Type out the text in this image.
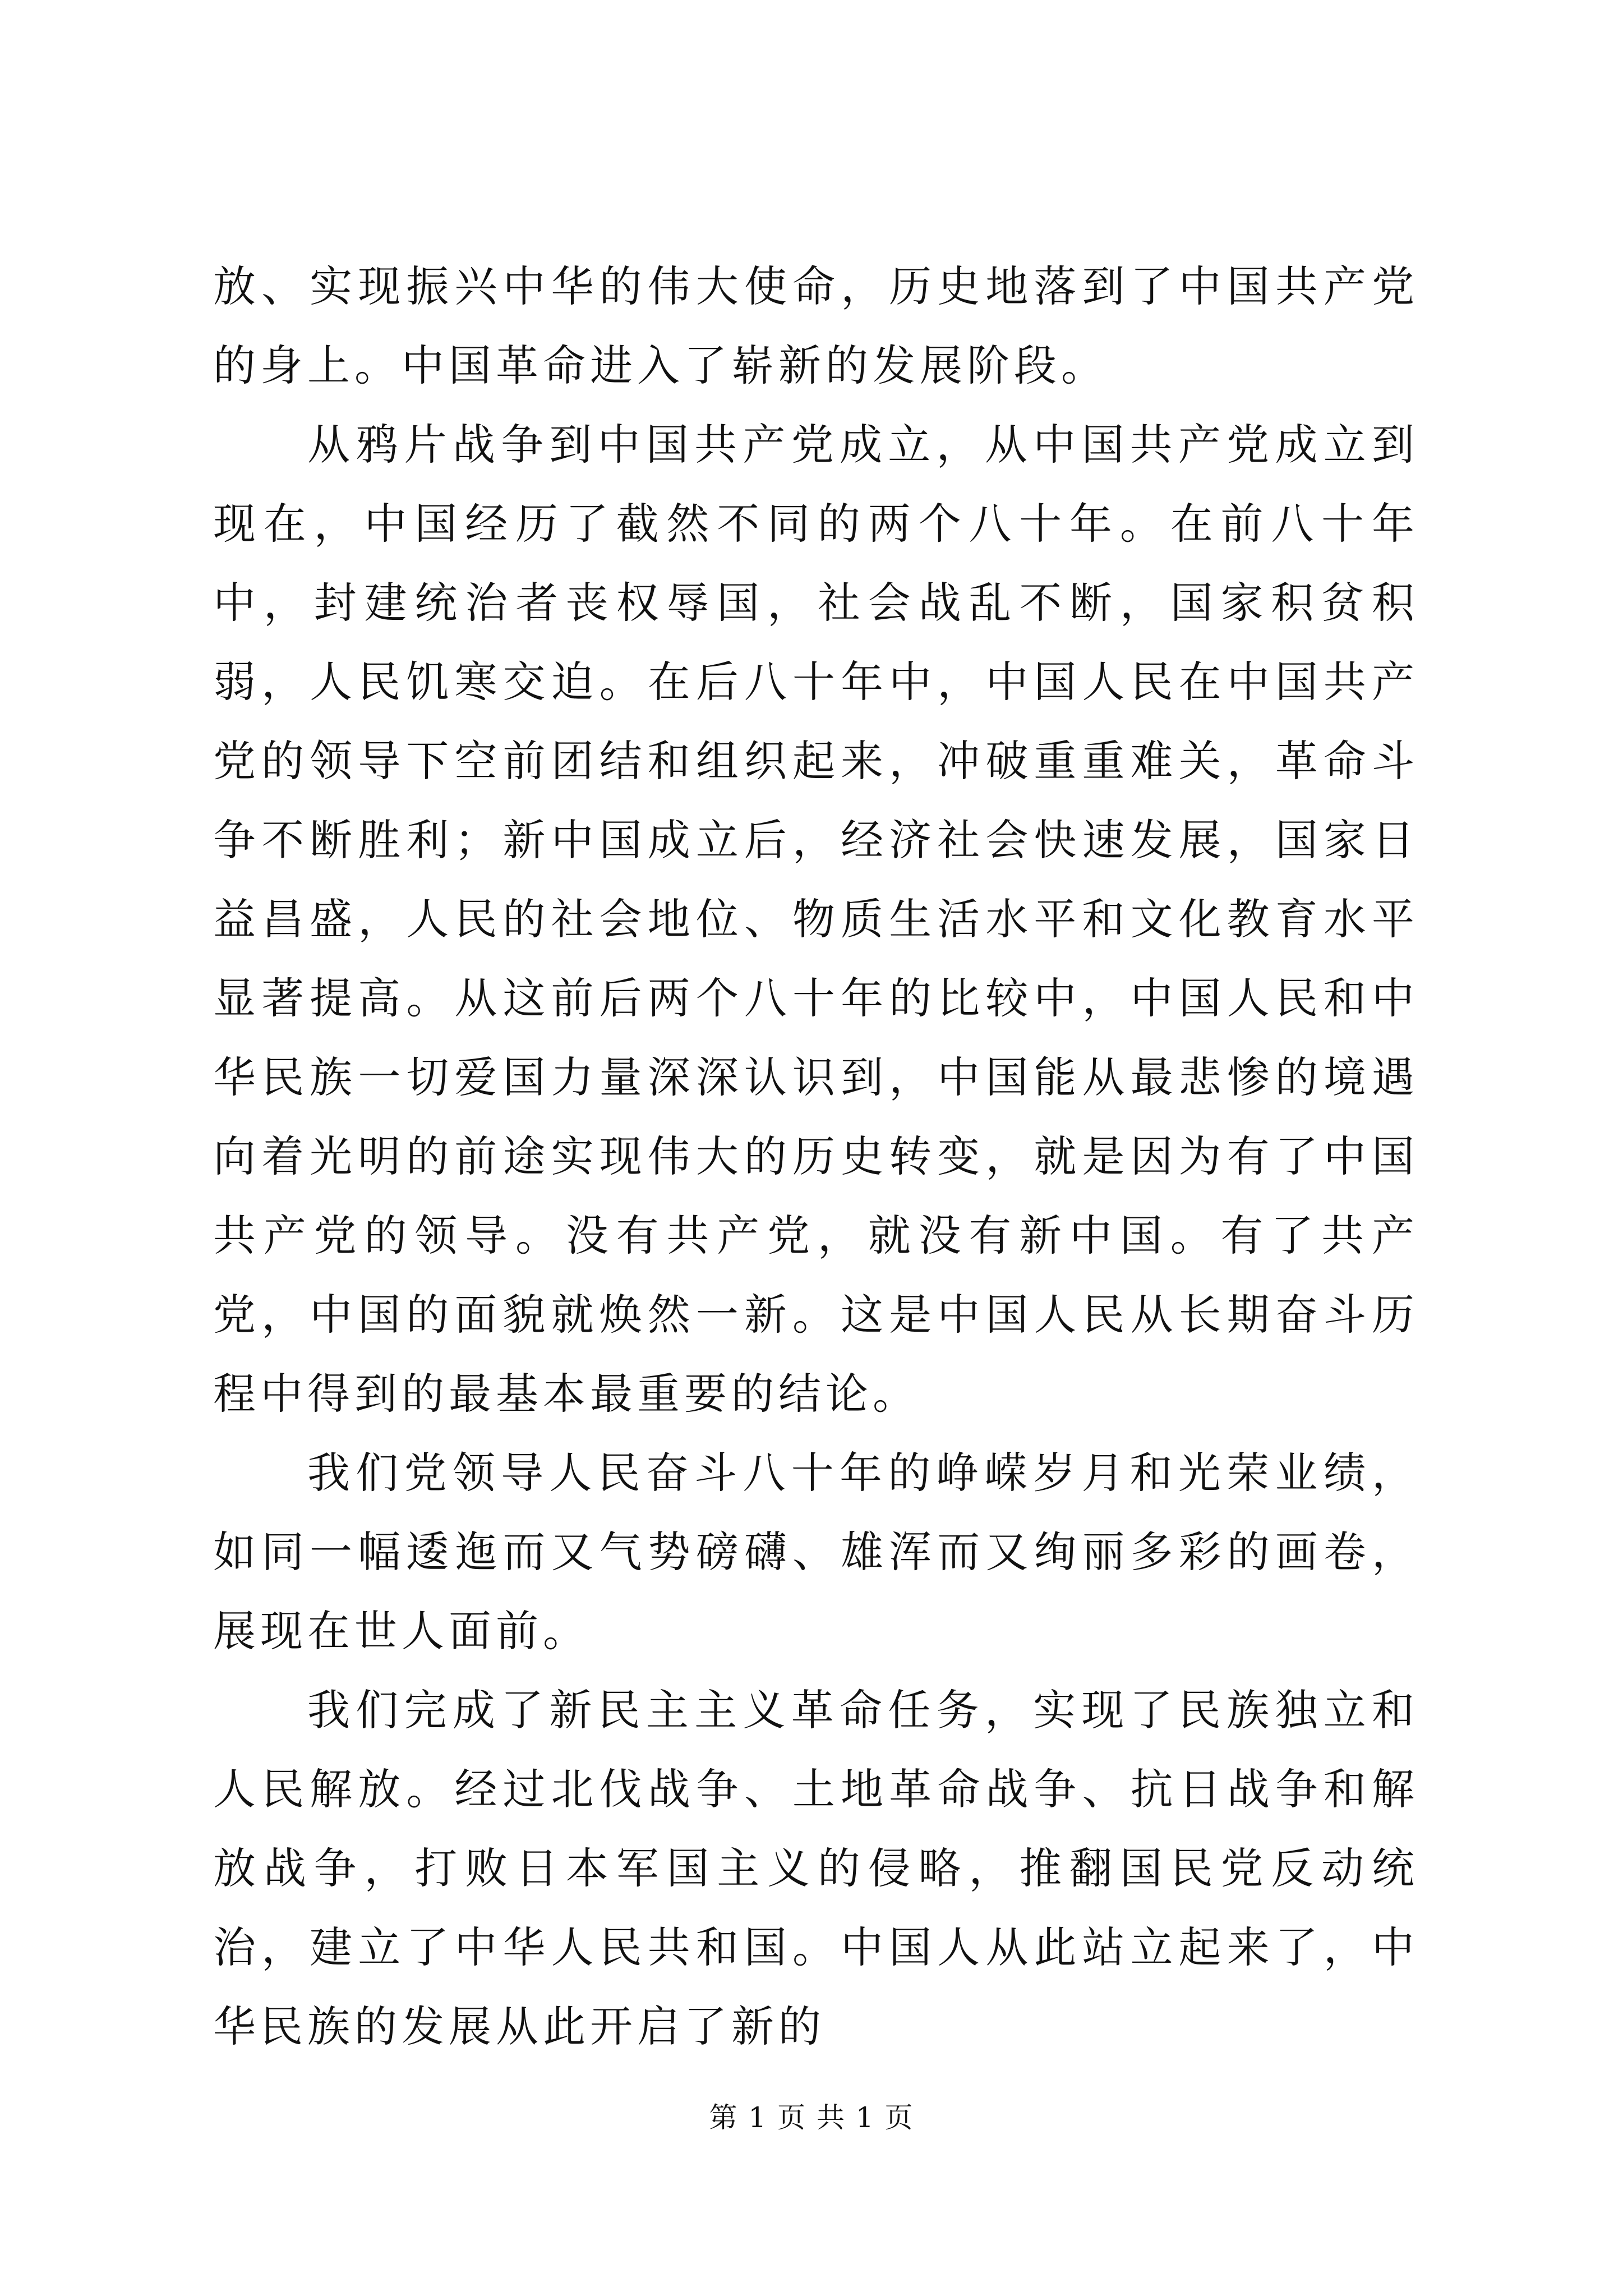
放、实现振兴中华的伟大使命，历史地落到了中国共产党的身上。中国革命进入了崭新的发展阶段。

从鸦片战争到中国共产党成立，从中国共产党成立到现在，中国经历了截然不同的两个八十年。在前八十年中，封建统治者丧权辱国，社会战乱不断，国家积贫积弱，人民饥寒交迫。在后八十年中，中国人民在中国共产党的领导下空前团结和组织起来，冲破重重难关，革命斗争不断胜利；新中国成立后，经济社会快速发展，国家日益昌盛，人民的社会地位、物质生活水平和文化教育水平显著提高。从这前后两个八十年的比较中，中国人民和中华民族一切爱国力量深深认识到，中国能从最悲惨的境遇向着光明的前途实现伟大的历史转变，就是因为有了中国共产党的领导。没有共产党，就没有新中国。有了共产党，中国的面貌就焕然一新。这是中国人民从长期奋斗历程中得到的最基本最重要的结论。

我们党领导人民奋斗八十年的峥嵘岁月和光荣业绩，如同一幅逶迤而又气势磅礴、雄浑而又绚丽多彩的画卷，展现在世人面前。

我们完成了新民主主义革命任务，实现了民族独立和人民解放。经过北伐战争、土地革命战争、抗日战争和解放战争，打败日本军国主义的侵略，推翻国民党反动统治，建立了中华人民共和国。中国人从此站立起来了，中华民族的发展从此开启了新的

第 1 页 共 1 页
